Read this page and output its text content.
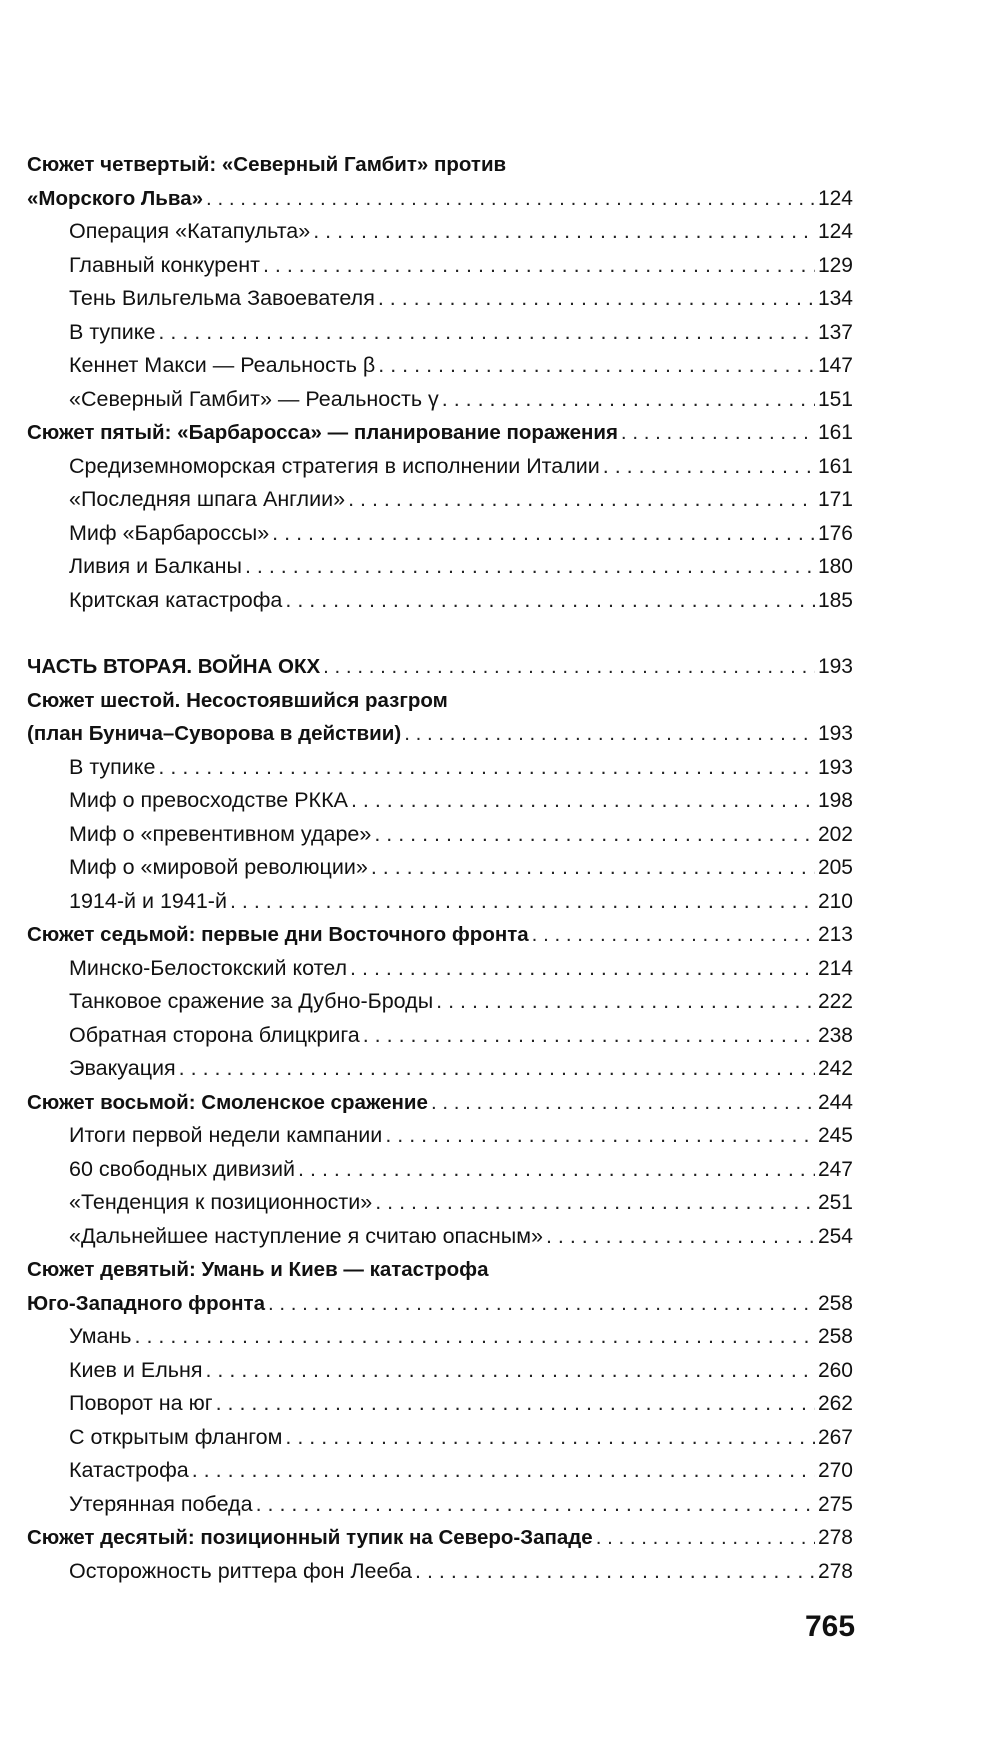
Сюжет четвертый: «Северный Гамбит» против
«Морского Льва» . . .	124
Операция «Катапульта» . . .	124
Главный конкурент . . .	129
Тень Вильгельма Завоевателя . . .	134
В тупике . . .	137
Кеннет Макси — Реальность β . . .	147
«Северный Гамбит» — Реальность γ . . .	151
Сюжет пятый: «Барбаросса» — планирование поражения . . .	161
Средиземноморская стратегия в исполнении Италии . . .	161
«Последняя шпага Англии» . . .	171
Миф «Барбароссы» . . .	176
Ливия и Балканы . . .	180
Критская катастрофа . . .	185
ЧАСТЬ ВТОРАЯ. ВОЙНА ОКХ . . .	193
Сюжет шестой. Несостоявшийся разгром
(план Бунича–Суворова в действии) . . .	193
В тупике . . .	193
Миф о превосходстве РККА . . .	198
Миф о «превентивном ударе» . . .	202
Миф о «мировой революции» . . .	205
1914-й и 1941-й . . .	210
Сюжет седьмой: первые дни Восточного фронта . . .	213
Минско-Белостокский котел . . .	214
Танковое сражение за Дубно-Броды . . .	222
Обратная сторона блицкрига . . .	238
Эвакуация . . .	242
Сюжет восьмой: Смоленское сражение . . .	244
Итоги первой недели кампании . . .	245
60 свободных дивизий . . .	247
«Тенденция к позиционности» . . .	251
«Дальнейшее наступление я считаю опасным» . . .	254
Сюжет девятый: Умань и Киев — катастрофа
Юго-Западного фронта . . .	258
Умань . . .	258
Киев и Ельня . . .	260
Поворот на юг . . .	262
С открытым флангом . . .	267
Катастрофа . . .	270
Утерянная победа . . .	275
Сюжет десятый: позиционный тупик на Северо-Западе . . .	278
Осторожность риттера фон Лееба . . .	278
765
